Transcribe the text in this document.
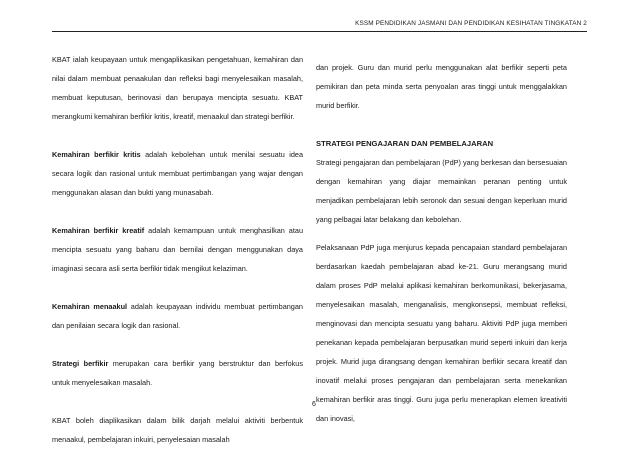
KSSM PENDIDIKAN JASMANI DAN PENDIDIKAN KESIHATAN TINGKATAN 2

KBAT ialah keupayaan untuk mengaplikasikan pengetahuan, kemahiran dan nilai dalam membuat penaakulan dan refleksi bagi menyelesaikan masalah, membuat keputusan, berinovasi dan berupaya mencipta sesuatu. KBAT merangkumi kemahiran berfikir kritis, kreatif, menaakul dan strategi berfikir.

Kemahiran berfikir kritis adalah kebolehan untuk menilai sesuatu idea secara logik dan rasional untuk membuat pertimbangan yang wajar dengan menggunakan alasan dan bukti yang munasabah.

Kemahiran berfikir kreatif adalah kemampuan untuk menghasilkan atau mencipta sesuatu yang baharu dan bernilai dengan menggunakan daya imaginasi secara asli serta berfikir tidak mengikut kelaziman.

Kemahiran menaakul adalah keupayaan individu membuat pertimbangan dan penilaian secara logik dan rasional.

Strategi berfikir merupakan cara berfikir yang berstruktur dan berfokus untuk menyelesaikan masalah.

KBAT boleh diaplikasikan dalam bilik darjah melalui aktiviti berbentuk menaakul, pembelajaran inkuiri, penyelesaian masalah

dan projek. Guru dan murid perlu menggunakan alat berfikir seperti peta pemikiran dan peta minda serta penyoalan aras tinggi untuk menggalakkan murid berfikir.

STRATEGI PENGAJARAN DAN PEMBELAJARAN

Strategi pengajaran dan pembelajaran (PdP) yang berkesan dan bersesuaian dengan kemahiran yang diajar memainkan peranan penting untuk menjadikan pembelajaran lebih seronok dan sesuai dengan keperluan murid yang pelbagai latar belakang dan kebolehan.

Pelaksanaan PdP juga menjurus kepada pencapaian standard pembelajaran berdasarkan kaedah pembelajaran abad ke-21. Guru merangsang murid dalam proses PdP melalui aplikasi kemahiran berkomunikasi, bekerjasama, menyelesaikan masalah, menganalisis, mengkonsepsi, membuat refleksi, menginovasi dan mencipta sesuatu yang baharu. Aktiviti PdP juga memberi penekanan kepada pembelajaran berpusatkan murid seperti inkuiri dan kerja projek. Murid juga dirangsang dengan kemahiran berfikir secara kreatif dan inovatif melalui proses pengajaran dan pembelajaran serta menekankan kemahiran berfikir aras tinggi. Guru juga perlu menerapkan elemen kreativiti dan inovasi,

6
